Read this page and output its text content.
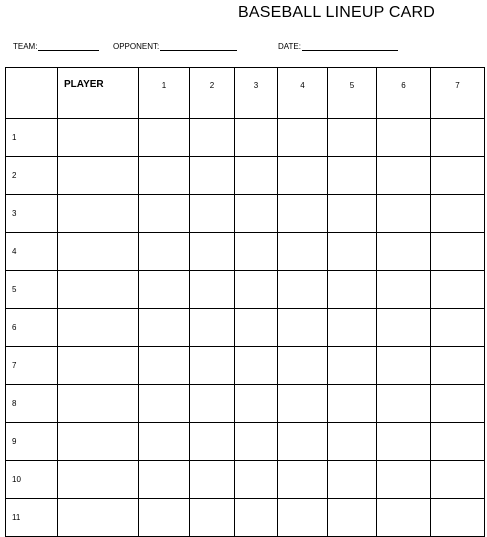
BASEBALL LINEUP CARD
TEAM:	OPPONENT:	DATE:
	PLAYER	1	2	3	4	5	6	7
1								
2								
3								
4								
5								
6								
7								
8								
9								
10								
11								
